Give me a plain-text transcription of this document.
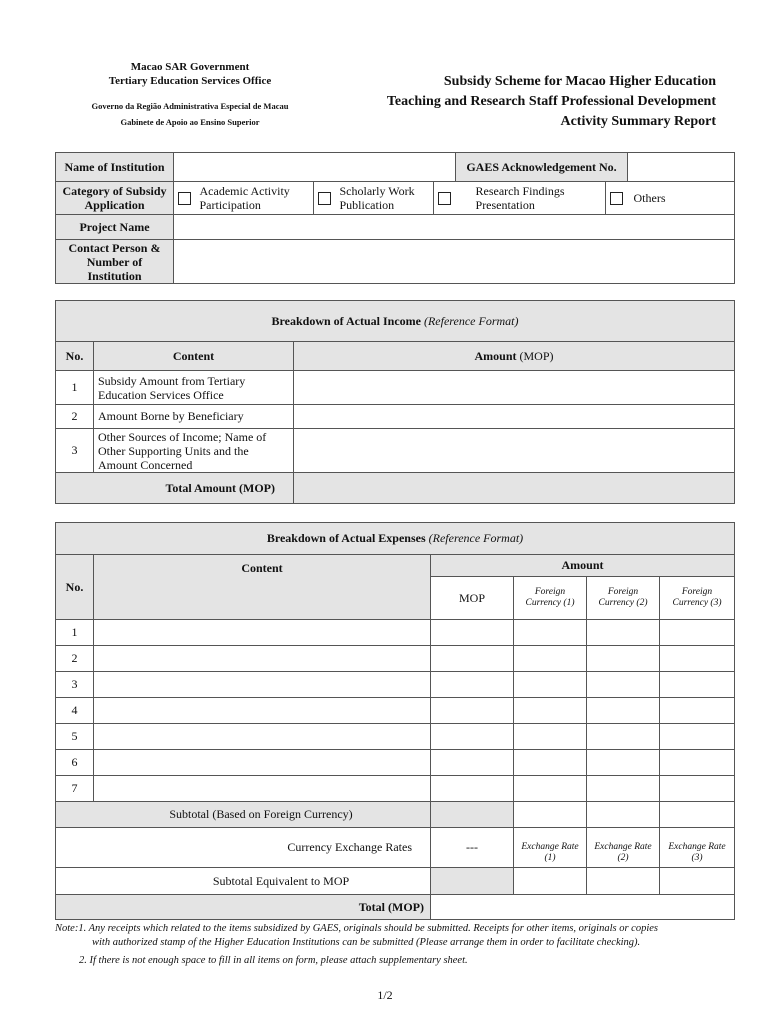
Macao SAR Government
Tertiary Education Services Office
Governo da Região Administrativa Especial de Macau
Gabinete de Apoio ao Ensino Superior
Subsidy Scheme for Macao Higher Education
Teaching and Research Staff Professional Development
Activity Summary Report
Name of Institution						GAES Acknowledgement No.		
Category of Subsidy Application		Academic Activity Participation		Scholarly Work Publication		Research Findings Presentation		Others
Project Name								
Contact Person & Number of Institution								
Breakdown of Actual Income (Reference Format)		
No.	Content	Amount (MOP)
1	Subsidy Amount from Tertiary Education Services Office	
2	Amount Borne by Beneficiary	
3	Other Sources of Income; Name of Other Supporting Units and the Amount Concerned	
Total Amount (MOP)		
Breakdown of Actual Expenses (Reference Format)					
No.	Content	Amount			
		MOP	Foreign Currency (1)	Foreign Currency (2)	Foreign Currency (3)
1					
2					
3					
4					
5					
6					
7					
Subtotal (Based on Foreign Currency)					
Currency Exchange Rates		---	Exchange Rate (1)	Exchange Rate (2)	Exchange Rate (3)
Subtotal Equivalent to MOP					
Total (MOP)					

Note:1. Any receipts which related to the items subsidized by GAES, originals should be submitted. Receipts for other items, originals or copies

with authorized stamp of the Higher Education Institutions can be submitted (Please arrange them in order to facilitate checking).

2. If there is not enough space to fill in all items on form, please attach supplementary sheet.

1/2
